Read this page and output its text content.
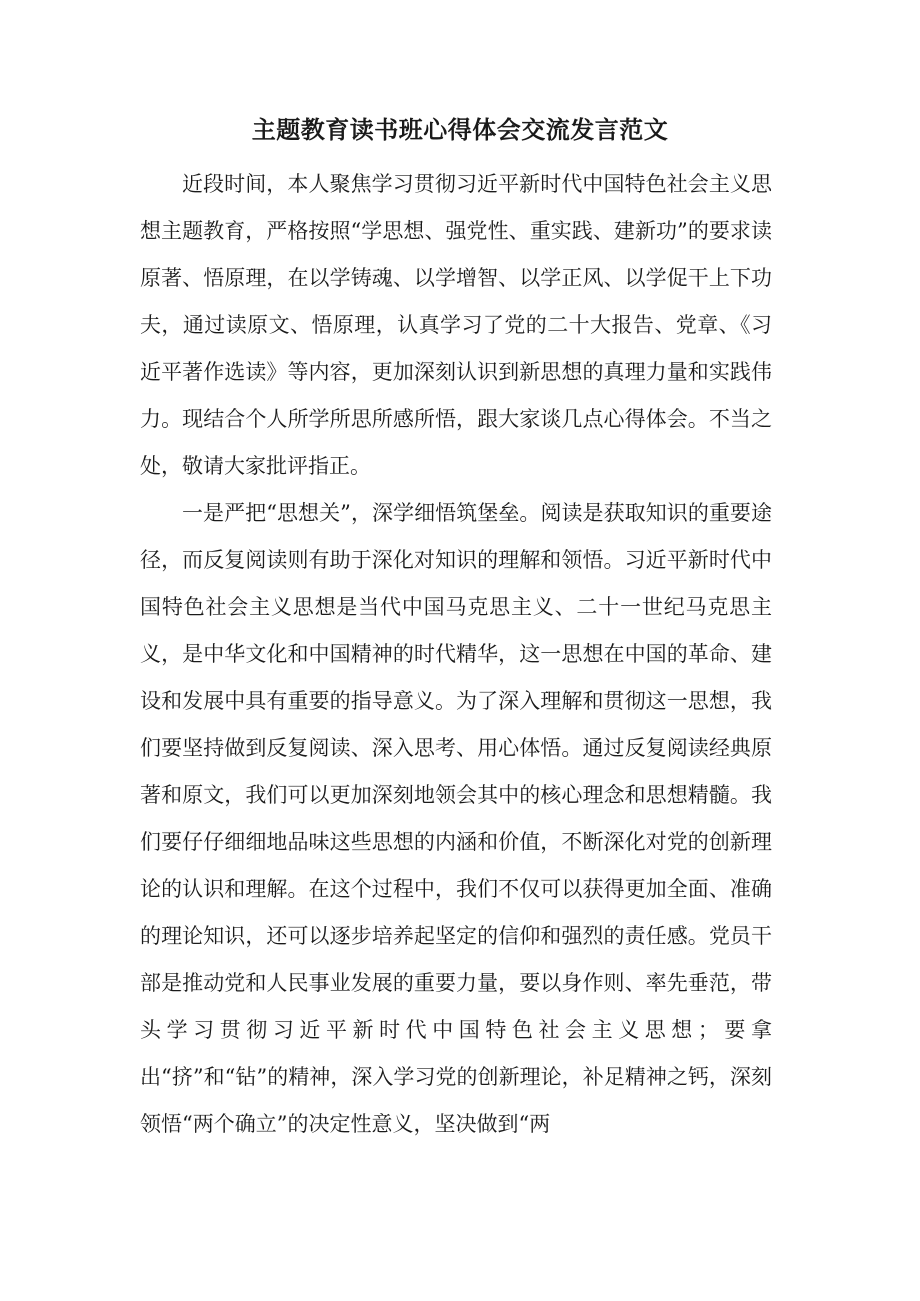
主题教育读书班心得体会交流发言范文

近段时间，本人聚焦学习贯彻习近平新时代中国特色社会主义思想主题教育，严格按照“学思想、强党性、重实践、建新功”的要求读原著、悟原理，在以学铸魂、以学增智、以学正风、以学促干上下功夫，通过读原文、悟原理，认真学习了党的二十大报告、党章、《习近平著作选读》等内容，更加深刻认识到新思想的真理力量和实践伟力。现结合个人所学所思所感所悟，跟大家谈几点心得体会。不当之处，敬请大家批评指正。

一是严把“思想关”，深学细悟筑堡垒。阅读是获取知识的重要途径，而反复阅读则有助于深化对知识的理解和领悟。习近平新时代中国特色社会主义思想是当代中国马克思主义、二十一世纪马克思主义，是中华文化和中国精神的时代精华，这一思想在中国的革命、建设和发展中具有重要的指导意义。为了深入理解和贯彻这一思想，我们要坚持做到反复阅读、深入思考、用心体悟。通过反复阅读经典原著和原文，我们可以更加深刻地领会其中的核心理念和思想精髓。我们要仔仔细细地品味这些思想的内涵和价值，不断深化对党的创新理论的认识和理解。在这个过程中，我们不仅可以获得更加全面、准确的理论知识，还可以逐步培养起坚定的信仰和强烈的责任感。党员干部是推动党和人民事业发展的重要力量，要以身作则、率先垂范，带头学习贯彻习近平新时代中国特色社会主义思想；要拿出“挤”和“钻”的精神，深入学习党的创新理论，补足精神之钙，深刻领悟“两个确立”的决定性意义，坚决做到“两
